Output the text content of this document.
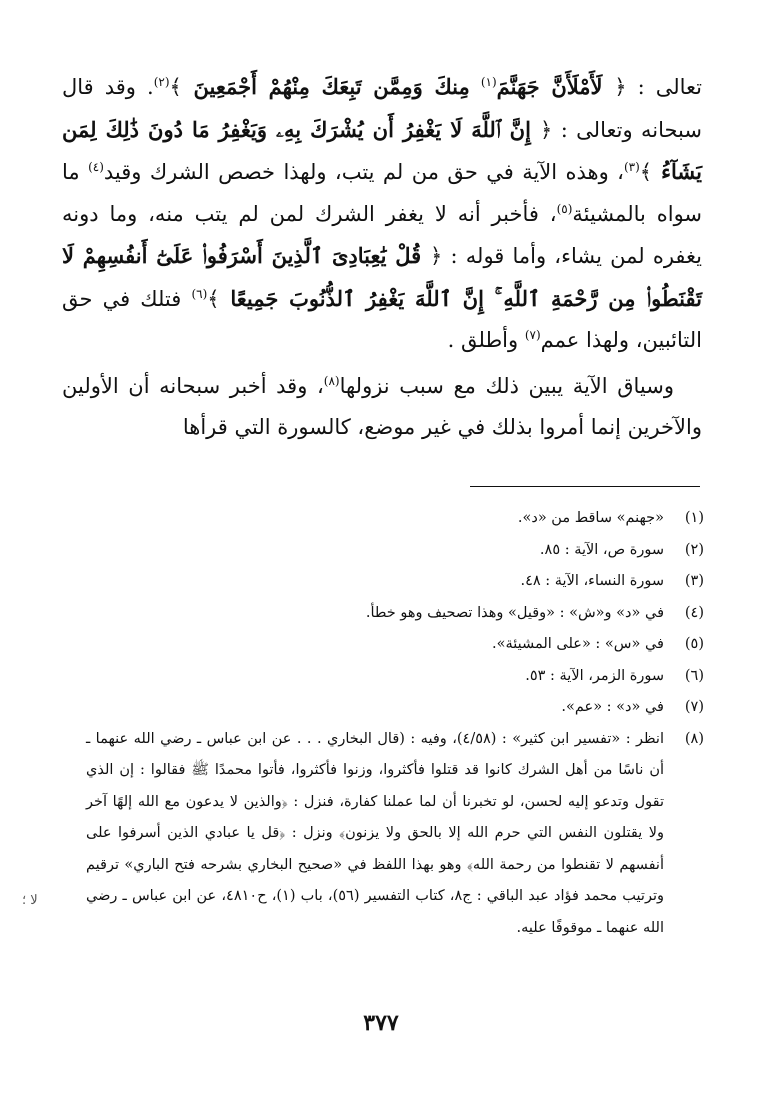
تعالى : ﴿ لَأَمْلَأَنَّ جَهَنَّمَ$^{(١)}$ مِنكَ وَمِمَّن تَبِعَكَ مِنْهُمْ أَجْمَعِينَ ﴾$^{(٢)}$. وقد قال سبحانه وتعالى : ﴿ إِنَّ ٱللَّهَ لَا يَغْفِرُ أَن يُشْرَكَ بِهِۦ وَيَغْفِرُ مَا دُونَ ذَٰلِكَ لِمَن يَشَآءُ ﴾$^{(٣)}$، وهذه الآية في حق من لم يتب، ولهذا خصص الشرك وقيد$^{(٤)}$ ما سواه بالمشيئة$^{(٥)}$، فأخبر أنه لا يغفر الشرك لمن لم يتب منه، وما دونه يغفره لمن يشاء، وأما قوله : ﴿ قُلْ يَٰعِبَادِىَ ٱلَّذِينَ أَسْرَفُوا۟ عَلَىٰٓ أَنفُسِهِمْ لَا تَقْنَطُوا۟ مِن رَّحْمَةِ ٱللَّهِ ۚ إِنَّ ٱللَّهَ يَغْفِرُ ٱلذُّنُوبَ جَمِيعًا ﴾$^{(٦)}$ فتلك في حق التائبين، ولهذا عمم$^{(٧)}$ وأطلق .

وسياق الآية يبين ذلك مع سبب نزولها$^{(٨)}$، وقد أخبر سبحانه أن الأولين والآخرين إنما أمروا بذلك في غير موضع، كالسورة التي قرأها

(١)
«جهنم» ساقط من «د».
(٢)
سورة ص، الآية : ٨٥.
(٣)
سورة النساء، الآية : ٤٨.
(٤)
في «د» و«ش» : «وقيل» وهذا تصحيف وهو خطأ.
(٥)
في «س» : «على المشيئة».
(٦)
سورة الزمر، الآية : ٥٣.
(٧)
في «د» : «عم».
(٨)
انظر : «تفسير ابن كثير» : (٤/٥٨)، وفيه : (قال البخاري . . . عن ابن عباس ـ رضي الله عنهما ـ أن ناسًا من أهل الشرك كانوا قد قتلوا فأكثروا، وزنوا فأكثروا، فأتوا محمدًا ﷺ فقالوا : إن الذي تقول وتدعو إليه لحسن، لو تخبرنا أن لما عملنا كفارة، فنزل : ﴿والذين لا يدعون مع الله إلهًا آخر ولا يقتلون النفس التي حرم الله إلا بالحق ولا يزنون﴾ ونزل : ﴿قل يا عبادي الذين أسرفوا على أنفسهم لا تقنطوا من رحمة الله﴾ وهو بهذا اللفظ في «صحيح البخاري بشرحه فتح الباري» ترقيم وترتيب محمد فؤاد عبد الباقي : ج٨، كتاب التفسير (٥٦)، باب (١)، ح٤٨١٠، عن ابن عباس ـ رضي الله عنهما ـ موقوفًا عليه.
ﻻ ؛
٣٧٧
